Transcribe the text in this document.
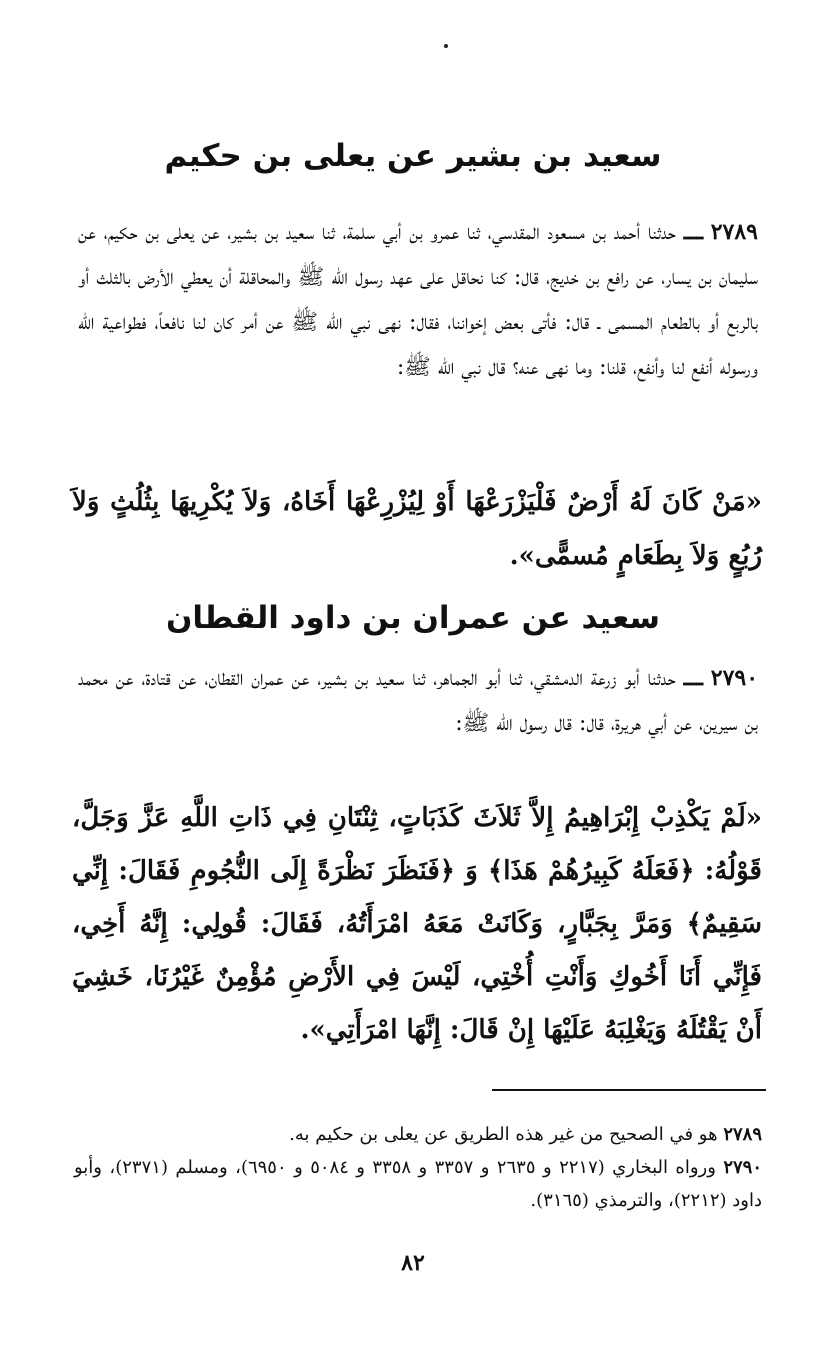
سعيد بن بشير عن يعلى بن حكيم

٢٧٨٩ ـــ حدثنا أحمد بن مسعود المقدسي، ثنا عمرو بن أبي سلمة، ثنا سعيد بن بشير، عن يعلى بن حكيم، عن سليمان بن يسار، عن رافع بن خديج، قال: كنا نحاقل على عهد رسول الله ﷺ والمحاقلة أن يعطي الأرض بالثلث أو بالربع أو بالطعام المسمى ـ قال: فأتى بعض إخواننا، فقال: نهى نبي الله ﷺ عن أمر كان لنا نافعاً، فطواعية الله ورسوله أنفع لنا وأنفع، قلنا: وما نهى عنه؟ قال نبي الله ﷺ:

«مَنْ كَانَ لَهُ أَرْضٌ فَلْيَزْرَعْهَا أَوْ لِيُزْرِعْهَا أَخَاهُ، وَلاَ يُكْرِيهَا بِثُلُثٍ وَلاَ رُبُعٍ وَلاَ بِطَعَامٍ مُسمًّى».

سعيد عن عمران بن داود القطان

٢٧٩٠ ـــ حدثنا أبو زرعة الدمشقي، ثنا أبو الجماهر، ثنا سعيد بن بشير، عن عمران القطان، عن قتادة، عن محمد بن سيرين، عن أبي هريرة، قال: قال رسول الله ﷺ:

«لَمْ يَكْذِبْ إِبْرَاهِيمُ إِلاَّ ثَلاَثَ كَذَبَاتٍ، ثِنْتَانِ فِي ذَاتِ اللَّهِ عَزَّ وَجَلَّ، قَوْلُهُ: ﴿فَعَلَهُ كَبِيرُهُمْ هَذَا﴾ وَ ﴿فَنَظَرَ نَظْرَةً إِلَى النُّجُومِ فَقَالَ: إِنِّي سَقِيمٌ﴾ وَمَرَّ بِجَبَّارٍ، وَكَانَتْ مَعَهُ امْرَأَتُهُ، فَقَالَ: قُولِي: إِنَّهُ أَخِي، فَإِنِّي أَنَا أَخُوكِ وَأَنْتِ أُخْتِي، لَيْسَ فِي الأَرْضِ مُؤْمِنٌ غَيْرُنَا، خَشِيَ أَنْ يَقْتُلَهُ وَيَغْلِبَهُ عَلَيْهَا إِنْ قَالَ: إِنَّهَا امْرَأَتِي».

٢٧٨٩ هو في الصحيح من غير هذه الطريق عن يعلى بن حكيم به.

٢٧٩٠ ورواه البخاري (٢٢١٧ و ٢٦٣٥ و ٣٣٥٧ و ٣٣٥٨ و ٥٠٨٤ و ٦٩٥٠)، ومسلم (٢٣٧١)، وأبو داود (٢٢١٢)، والترمذي (٣١٦٥).

٨٢
